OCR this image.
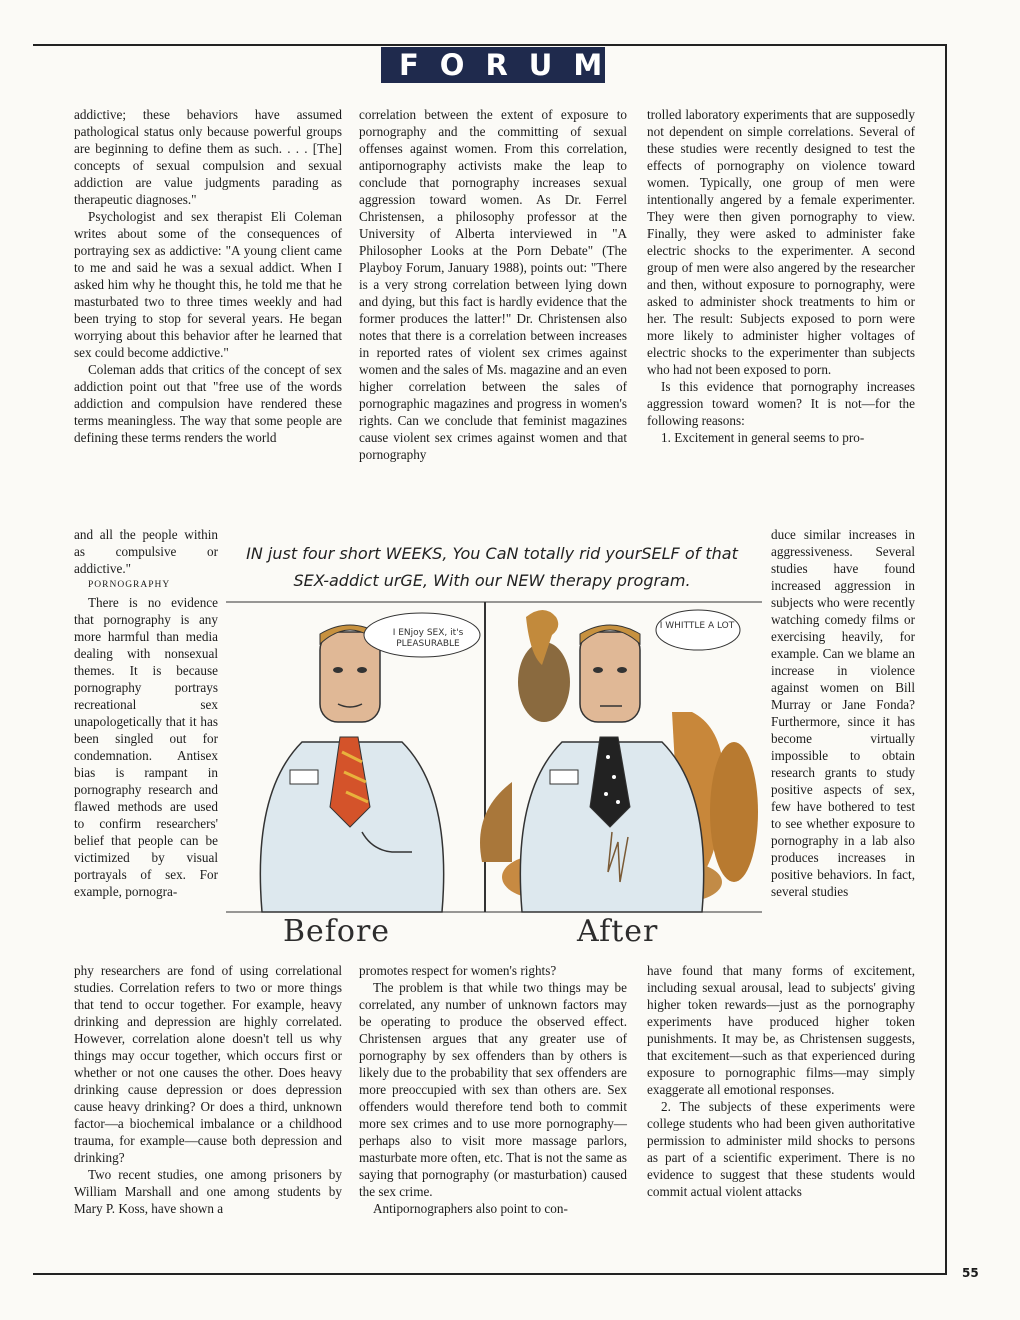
FORUM

addictive; these behaviors have assumed pathological status only because powerful groups are beginning to define them as such. . . . [The] concepts of sexual compulsion and sexual addiction are value judgments parading as therapeutic diagnoses."

Psychologist and sex therapist Eli Coleman writes about some of the consequences of portraying sex as addictive: "A young client came to me and said he was a sexual addict. When I asked him why he thought this, he told me that he masturbated two to three times weekly and had been trying to stop for several years. He began worrying about this behavior after he learned that sex could become addictive."

Coleman adds that critics of the concept of sex addiction point out that "free use of the words addiction and compulsion have rendered these terms meaningless. The way that some people are defining these terms renders the world

and all the people within as compulsive or addictive."

PORNOGRAPHY

There is no evidence that pornography is any more harmful than media dealing with nonsexual themes. It is because pornography portrays recreational sex unapologetically that it has been singled out for condemnation. Antisex bias is rampant in pornography research and flawed methods are used to confirm researchers' belief that people can be victimized by visual portrayals of sex. For example, pornogra-

correlation between the extent of exposure to pornography and the committing of sexual offenses against women. From this correlation, antipornography activists make the leap to conclude that pornography increases sexual aggression toward women. As Dr. Ferrel Christensen, a philosophy professor at the University of Alberta interviewed in "A Philosopher Looks at the Porn Debate" (The Playboy Forum, January 1988), points out: "There is a very strong correlation between lying down and dying, but this fact is hardly evidence that the former produces the latter!" Dr. Christensen also notes that there is a correlation between increases in reported rates of violent sex crimes against women and the sales of Ms. magazine and an even higher correlation between the sales of pornographic magazines and progress in women's rights. Can we conclude that feminist magazines cause violent sex crimes against women and that pornography

trolled laboratory experiments that are supposedly not dependent on simple correlations. Several of these studies were recently designed to test the effects of pornography on violence toward women. Typically, one group of men were intentionally angered by a female experimenter. They were then given pornography to view. Finally, they were asked to administer fake electric shocks to the experimenter. A second group of men were also angered by the researcher and then, without exposure to pornography, were asked to administer shock treatments to him or her. The result: Subjects exposed to porn were more likely to administer higher voltages of electric shocks to the experimenter than subjects who had not been exposed to porn.

Is this evidence that pornography increases aggression toward women? It is not—for the following reasons:

1. Excitement in general seems to pro-

duce similar increases in aggressiveness. Several studies have found increased aggression in subjects who were recently watching comedy films or exercising heavily, for example. Can we blame an increase in violence against women on Bill Murray or Jane Fonda? Furthermore, since it has become virtually impossible to obtain research grants to study positive aspects of sex, few have bothered to test to see whether exposure to pornography in a lab also produces increases in positive behaviors. In fact, several studies

IN just four short WEEKS, You CaN totally rid yourSELF of that SEX-addict urGE, With our NEW therapy program.
I ENjoy SEX, it's PLEASURABLE
I WHITTLE A LOT
Before	After

phy researchers are fond of using correlational studies. Correlation refers to two or more things that tend to occur together. For example, heavy drinking and depression are highly correlated. However, correlation alone doesn't tell us why things may occur together, which occurs first or whether or not one causes the other. Does heavy drinking cause depression or does depression cause heavy drinking? Or does a third, unknown factor—a biochemical imbalance or a childhood trauma, for example—cause both depression and drinking?

Two recent studies, one among prisoners by William Marshall and one among students by Mary P. Koss, have shown a

promotes respect for women's rights?

The problem is that while two things may be correlated, any number of unknown factors may be operating to produce the observed effect. Christensen argues that any greater use of pornography by sex offenders than by others is likely due to the probability that sex offenders are more preoccupied with sex than others are. Sex offenders would therefore tend both to commit more sex crimes and to use more pornography—perhaps also to visit more massage parlors, masturbate more often, etc. That is not the same as saying that pornography (or masturbation) caused the sex crime.

Antipornographers also point to con-

have found that many forms of excitement, including sexual arousal, lead to subjects' giving higher token rewards—just as the pornography experiments have produced higher token punishments. It may be, as Christensen suggests, that excitement—such as that experienced during exposure to pornographic films—may simply exaggerate all emotional responses.

2. The subjects of these experiments were college students who had been given authoritative permission to administer mild shocks to persons as part of a scientific experiment. There is no evidence to suggest that these students would commit actual violent attacks

55
